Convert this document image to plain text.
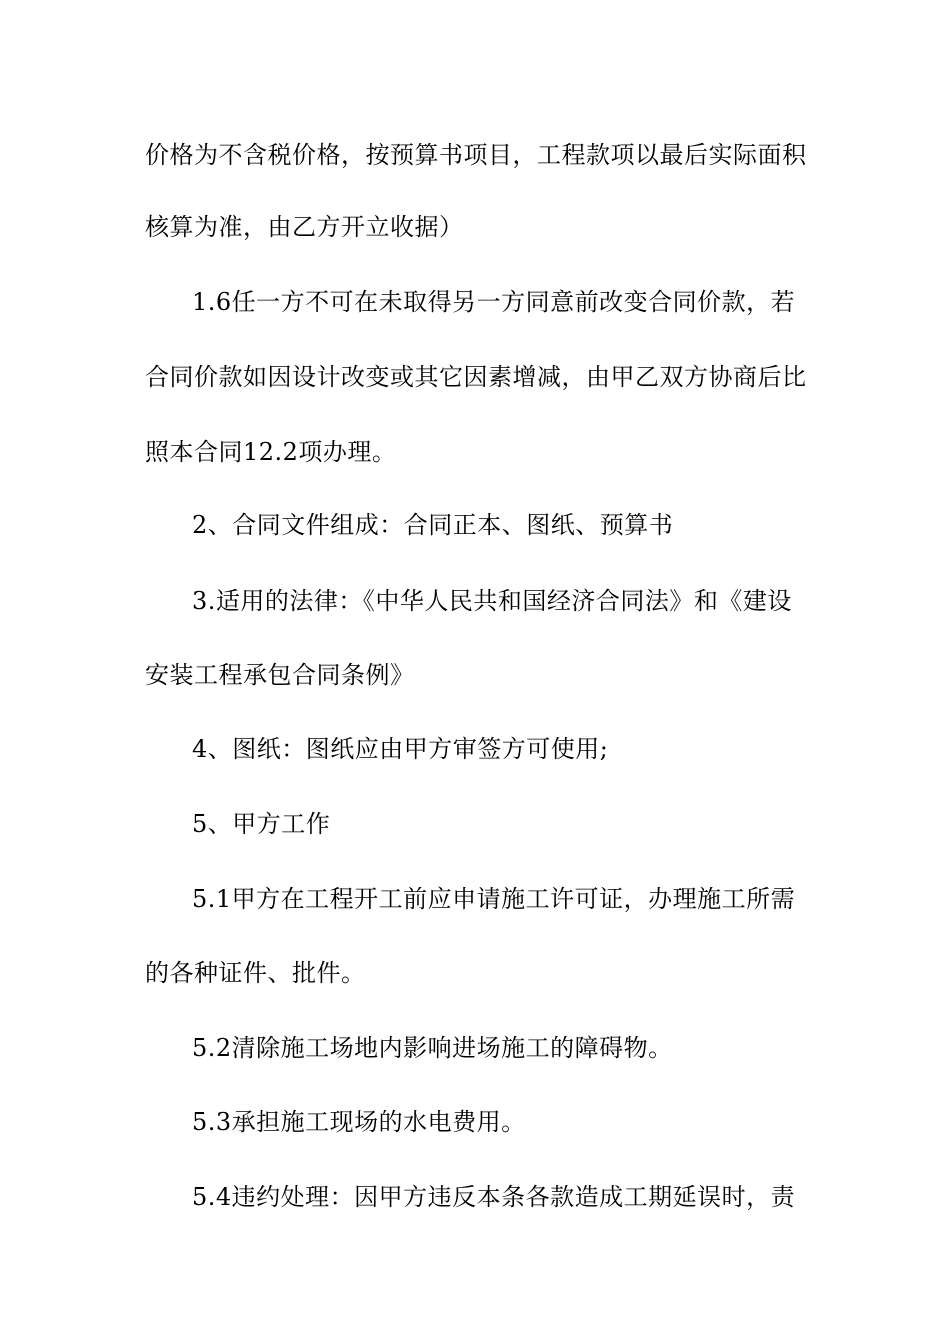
价格为不含税价格，按预算书项目，工程款项以最后实际面积
核算为准，由乙方开立收据）
1.6任一方不可在未取得另一方同意前改变合同价款，若
合同价款如因设计改变或其它因素增减，由甲乙双方协商后比
照本合同12.2项办理。
2、合同文件组成：合同正本、图纸、预算书
3.适用的法律：《中华人民共和国经济合同法》和《建设
安装工程承包合同条例》
4、图纸：图纸应由甲方审签方可使用;
5、甲方工作
5.1甲方在工程开工前应申请施工许可证，办理施工所需
的各种证件、批件。
5.2清除施工场地内影响进场施工的障碍物。
5.3承担施工现场的水电费用。
5.4违约处理：因甲方违反本条各款造成工期延误时，责
